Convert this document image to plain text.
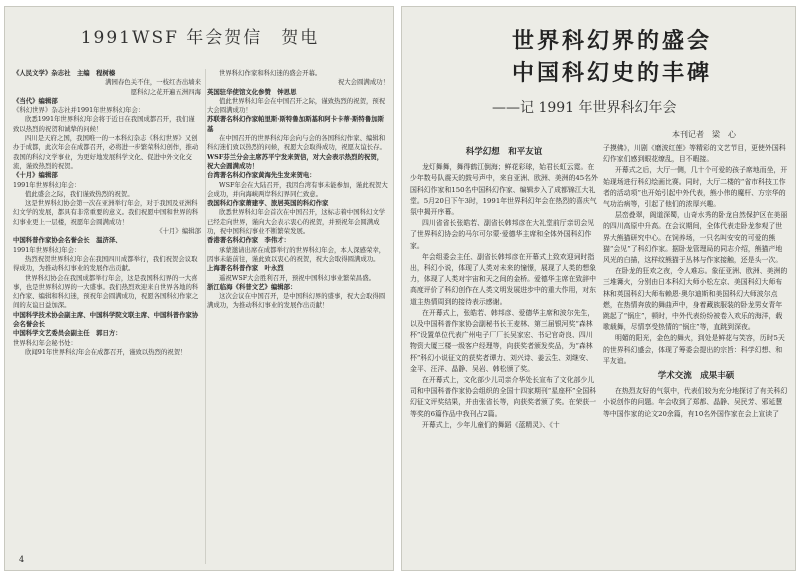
1991WSF 年会贺信　贺电

《人民文学》杂志社　主编　程树榛

满园春色关不住，一枝红杏出墙来

愿科幻之花开遍五洲四海

《当代》编辑部

《科幻世界》杂志社并1991年世界科幻年会：

欣悉1991年世界科幻年会将于近日在我国成都召开，我们谨致以热烈的祝贺和诚挚的问候！

四川是天府之国，我国唯一的一本科幻杂志《科幻世界》又创办于成都，此次年会在成都召开，必将进一步繁荣科幻创作，推动我国的科幻文学事业，为更好地发展科学文化、促进中外文化交流，谨致热烈的祝贺。

《十月》编辑部

1991年世界科幻年会：

值此盛会之际，我们谨致热烈的祝贺。

这是世界科幻协会第一次在亚洲举行年会，对于我国及亚洲科幻文学的发展，都具有非常重要的意义。我们祝愿中国和世界的科幻事业更上一层楼，祝愿年会圆满成功！

《十月》编辑部

中国科普作家协会名誉会长　温济泽、

1991年世界科幻年会：

热烈祝贺世界科幻年会在我国四川成都举行，我们祝贺会议取得成功，为推动科幻事业的发展作出贡献。

世界科幻协会在我国成都举行年会，这是我国科幻界的一大喜事，也是世界科幻界的一大盛事。我们热烈欢迎来自世界各地的科幻作家、编辑和科幻迷，预祝年会圆满成功，祝愿各国科幻作家之间的友谊日益加深。

中国科学技术协会副主席、中国科学院文联主席、中国科普作家协会名誉会长

中国科学文艺委员会副主任　郭日方：

世界科幻年会秘书处：

欣闻91年世界科幻年会在成都召开，谨致以热烈的祝贺！

世界科幻作家和科幻迷的盛会开幕。

祝大会圆满成功！

英国驻华使馆文化参赞　钟思思

值此世界科幻年会在中国召开之际，谨致热烈的祝贺，预祝大会圆满成功！

苏联著名科幻作家帕里斯·斯特鲁加斯基和阿卡卡蒂·斯特鲁加斯基

在中国召开的世界科幻年会向与会的各国科幻作家、编辑和科幻迷们致以热烈的问候，祝愿大会取得成功，祝愿友谊长存。

WSF芬兰分会主席苏平宁发来贺信，对大会表示热烈的祝贺，祝大会圆满成功！

台湾著名科幻作家黄海先生发来贺电：

WSF年会在大陆召开，我因台湾有事未能参加，谨此祝贺大会成功，并向海峡两岸科幻界同仁致意。

我国科幻作家萧建亨、旅居英国的科幻作家

欣悉世界科幻年会首次在中国召开，这标志着中国科幻文学已经走向世界，谨向大会表示衷心的祝贺，并预祝年会圆满成功，祝中国科幻事业不断繁荣发展。

香港著名科幻作家　李伟才：

承蒙邀请出席在成都举行的世界科幻年会，本人深感荣幸，因事未能前往，谨此致以衷心的祝贺，祝大会取得圆满成功。

上海著名科普作家　叶永烈

遥祝WSF大会胜利召开，预祝中国科幻事业繁荣昌盛。

浙江临海《科普文艺》编辑部：

这次会议在中国召开，是中国科幻界的盛事，祝大会取得圆满成功，为推动科幻事业的发展作出贡献！

4
世界科幻界的盛会
中国科幻史的丰碑
——记 1991 年世界科幻年会
本刊记者　梁　心

科学幻想　和平友谊

龙灯舞舞，舞得鹤江倒海；鲜花彩球，始君长虹云霓。在少年数号队震天的鼓号声中，来自亚洲、欧洲、美洲的45名外国科幻作家和150名中国科幻作家、编辑步入了成都锦江大礼堂。5月20日下午3时，1991年世界科幻年会在热烈的喜庆气氛中揭开序幕。

四川省省长张皓若、副省长韩邦彦在大礼堂前厅亲切会见了世界科幻协会的马尔可尔蒙·爱德华主席和全体外国科幻作家。

年会组委会主任、副省长韩邦彦在开幕式上致欢迎词时指出，科幻小说，体现了人类对未来的憧憬，展现了人类的想象力，体现了人类对宇宙和天之间的金桥。爱德华主席在致辞中高度评价了科幻创作在人类文明发展进步中的重大作用，对东道主热情周到的接待表示感谢。

在开幕式上，张皓若、韩邦彦、爱德华主席和波尔先生，以及中国科普作家协会副秘书长王麦林、第三届银河奖“森林杯”设置单位代表广州电子厂厂长吴家宏、书记官奇良、四川物资大厦三楼一级客户经理等，向获奖者颁发奖品，为“森林杯”科幻小说征文的获奖者谭力、刘兴诗、姜云生、刘继安、金平、汪洋、晶静、吴岩、韩松颁了奖。

在开幕式上，文化部少儿司亲介华处长宣布了文化部少儿司和中国科普作家协会组织的全国十四家期刊“星座杯”全国科幻征文评奖结果，并由张省长等，向获奖者颁了奖。在荣获一等奖的6篇作品中我刊占2篇。

开幕式上，少年儿童们的舞蹈《蓝精灵》、《十

子摸佛》，川剧《磨波红莲》等精彩的文艺节目，更使外国科幻作家们感到眼花缭乱，目不暇接。

开幕式之后，大厅一侧，几十个可爱的孩子席地而坐，开始现场进行科幻绘画比赛。同时，大厅二楼的“省市科技工作者的活动项”也开始引起中外代表，熊小伟的魔杆、方宗华的气功治病等，引起了他们的浓厚兴趣。

层峦叠翠，阁道深蜀，山奇水秀的卧龙自然保护区在美丽的四川高原中升高。在会议期间，全体代表走卧龙参观了世界大熊猫研究中心。在饲养场，一只名叫安安的可爱的熊猫“会见”了科幻作家。据卧龙管理局的同志介绍，熊猫产地风光的白描，这样纹熊猫于丛林与作家接触，还是头一次。

在卧龙的狂欢之夜，令人难忘。象征亚洲、欧洲、美洲的三堆篝火，分别由日本科幻大师小松左京、美国科幻大师布林和英国科幻大师布赖恩·奥尔迪斯和美国科幻大师波尔点燃，在热情奔放的舞曲声中，身着藏族服装的卧龙男女青年跳起了“锅庄”，顿时，中外代表纷纷被卷入欢乐的海洋，载歌载舞，尽情享受热情的“锅庄”等，直跳到深夜。

明媚的阳光，金色的舞火，到处是鲜花与笑容，历时5天的世界科幻盛会，体现了筹委会提出的宗旨：科学幻想、和平友谊。

学术交流　成果丰硕

在热烈友好的气氛中，代表们较为充分地探讨了有关科幻小说创作的问题。年会收到了郑都、晶静、吴民芳、邪延慧等中国作家的论文20余篇，有10名外国作家在会上宣读了
